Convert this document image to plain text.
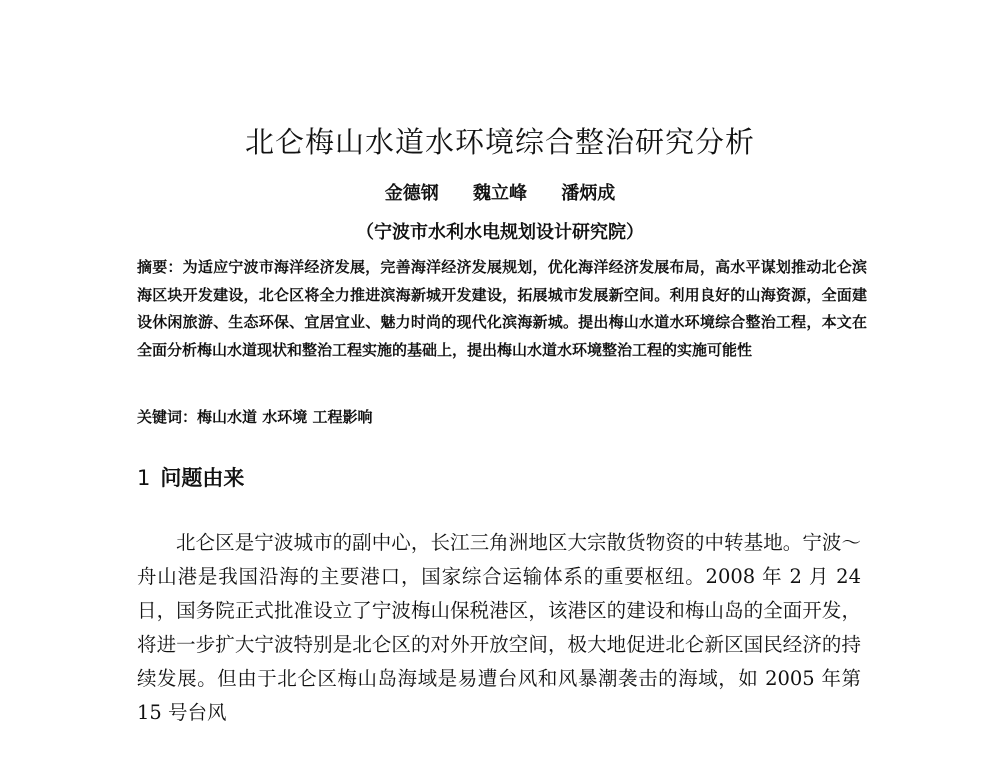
北仑梅山水道水环境综合整治研究分析
金德钢 魏立峰 潘炳成
（宁波市水利水电规划设计研究院）
摘要：为适应宁波市海洋经济发展，完善海洋经济发展规划，优化海洋经济发展布局，高水平谋划推动北仑滨海区块开发建设，北仑区将全力推进滨海新城开发建设，拓展城市发展新空间。利用良好的山海资源，全面建设休闲旅游、生态环保、宜居宜业、魅力时尚的现代化滨海新城。提出梅山水道水环境综合整治工程，本文在全面分析梅山水道现状和整治工程实施的基础上，提出梅山水道水环境整治工程的实施可能性
关键词：梅山水道 水环境 工程影响
1 问题由来

北仑区是宁波城市的副中心，长江三角洲地区大宗散货物资的中转基地。宁波～舟山港是我国沿海的主要港口，国家综合运输体系的重要枢纽。2008 年 2 月 24 日，国务院正式批准设立了宁波梅山保税港区，该港区的建设和梅山岛的全面开发，将进一步扩大宁波特别是北仑区的对外开放空间，极大地促进北仑新区国民经济的持续发展。但由于北仑区梅山岛海域是易遭台风和风暴潮袭击的海域，如 2005 年第 15 号台风
